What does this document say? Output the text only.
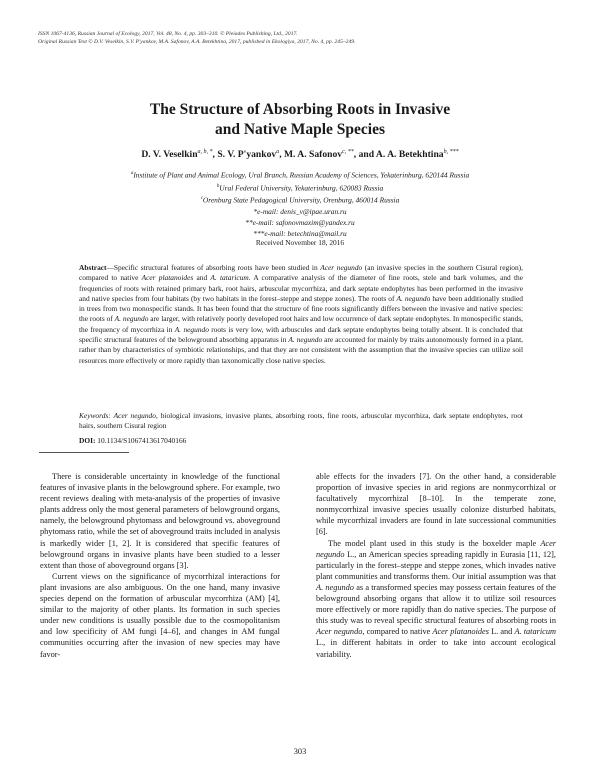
ISSN 1067-4136, Russian Journal of Ecology, 2017, Vol. 48, No. 4, pp. 303–310. © Pleiades Publishing, Ltd., 2017.
Original Russian Text © D.V. Veselkin, S.V. P'yankov, M.A. Safonov, A.A. Betekhtina, 2017, published in Ekologiya, 2017, No. 4, pp. 245–249.
The Structure of Absorbing Roots in Invasive
and Native Maple Species
D. V. Veselkin$^{a, b, *}$, S. V. P'yankov$^a$, M. A. Safonov$^{c, **}$, and A. A. Betekhtina$^{b, ***}$
$^a$Institute of Plant and Animal Ecology, Ural Branch, Russian Academy of Sciences, Yekaterinburg, 620144 Russia
$^b$Ural Federal University, Yekaterinburg, 620083 Russia
$^c$Orenburg State Pedagogical University, Orenburg, 460014 Russia
*e-mail: denis_v@ipae.uran.ru
**e-mail: safonovmaxim@yandex.ru
***e-mail: betechtina@mail.ru
Received November 18, 2016
Abstract—Specific structural features of absorbing roots have been studied in Acer negundo (an invasive species in the southern Cisural region), compared to native Acer platanoides and A. tataricum. A comparative analysis of the diameter of fine roots, stele and bark volumes, and the frequencies of roots with retained primary bark, root hairs, arbuscular mycorrhiza, and dark septate endophytes has been performed in the invasive and native species from four habitats (by two habitats in the forest–steppe and steppe zones). The roots of A. negundo have been additionally studied in trees from two monospecific stands. It has been found that the structure of fine roots significantly differs between the invasive and native species: the roots of A. negundo are larger, with relatively poorly developed root hairs and low occurrence of dark septate endophytes. In monospecific stands, the frequency of mycorrhiza in A. negundo roots is very low, with arbuscules and dark septate endophytes being totally absent. It is concluded that specific structural features of the belowground absorbing apparatus in A. negundo are accounted for mainly by traits autonomously formed in a plant, rather than by characteristics of symbiotic relationships, and that they are not consistent with the assumption that the invasive species can utilize soil resources more effectively or more rapidly than taxonomically close native species.
Keywords: Acer negundo, biological invasions, invasive plants, absorbing roots, fine roots, arbuscular mycorrhiza, dark septate endophytes, root hairs, southern Cisural region
DOI: 10.1134/S1067413617040166

There is considerable uncertainty in knowledge of the functional features of invasive plants in the belowground sphere. For example, two recent reviews dealing with meta-analysis of the properties of invasive plants address only the most general parameters of belowground organs, namely, the belowground phytomass and belowground vs. aboveground phytomass ratio, while the set of aboveground traits included in analysis is markedly wider [1, 2]. It is considered that specific features of belowground organs in invasive plants have been studied to a lesser extent than those of aboveground organs [3].

Current views on the significance of mycorrhizal interactions for plant invasions are also ambiguous. On the one hand, many invasive species depend on the formation of arbuscular mycorrhiza (AM) [4], similar to the majority of other plants. Its formation in such species under new conditions is usually possible due to the cosmopolitanism and low specificity of AM fungi [4–6], and changes in AM fungal communities occurring after the invasion of new species may have favor-

able effects for the invaders [7]. On the other hand, a considerable proportion of invasive species in arid regions are nonmycorrhizal or facultatively mycorrhizal [8–10]. In the temperate zone, nonmycorrhizal invasive species usually colonize disturbed habitats, while mycorrhizal invaders are found in late successional communities [6].

The model plant used in this study is the boxelder maple Acer negundo L., an American species spreading rapidly in Eurasia [11, 12], particularly in the forest–steppe and steppe zones, which invades native plant communities and transforms them. Our initial assumption was that A. negundo as a transformed species may possess certain features of the belowground absorbing organs that allow it to utilize soil resources more effectively or more rapidly than do native species. The purpose of this study was to reveal specific structural features of absorbing roots in Acer negundo, compared to native Acer platanoides L. and A. tataricum L., in different habitats in order to take into account ecological variability.

303
